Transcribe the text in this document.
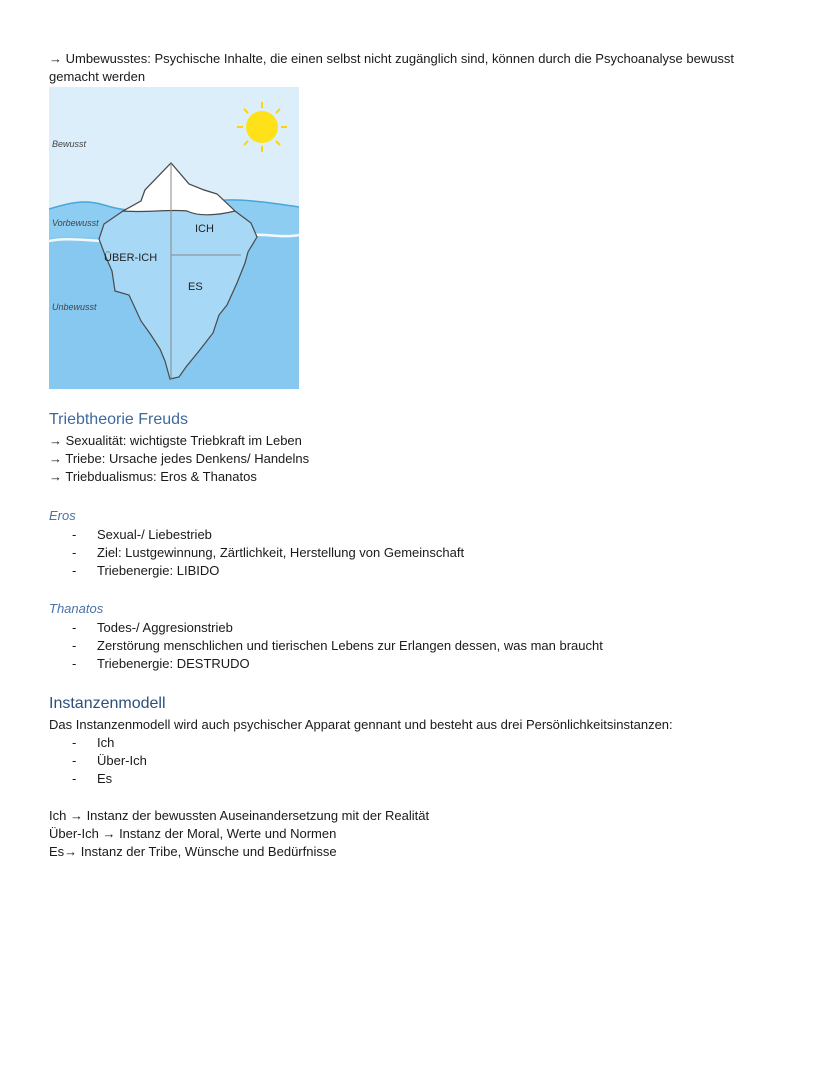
→ Umbewusstes: Psychische Inhalte, die einen selbst nicht zugänglich sind, können durch die Psychoanalyse bewusst gemacht werden
Bewusst
Vorbewusst
Unbewusst
ICH
ÜBER-ICH
ES
Triebtheorie Freuds
→ Sexualität: wichtigste Triebkraft im Leben
→ Triebe: Ursache jedes Denkens/ Handelns
→ Triebdualismus: Eros & Thanatos
Eros
- Sexual-/ Liebestrieb
- Ziel: Lustgewinnung, Zärtlichkeit, Herstellung von Gemeinschaft
- Triebenergie: LIBIDO
Thanatos
- Todes-/ Aggresionstrieb
- Zerstörung menschlichen und tierischen Lebens zur Erlangen dessen, was man braucht
- Triebenergie: DESTRUDO
Instanzenmodell
Das Instanzenmodell wird auch psychischer Apparat gennant und besteht aus drei Persönlichkeitsinstanzen:
- Ich
- Über-Ich
- Es
Ich → Instanz der bewussten Auseinandersetzung mit der Realität
Über-Ich → Instanz der Moral, Werte und Normen
Es→ Instanz der Tribe, Wünsche und Bedürfnisse
